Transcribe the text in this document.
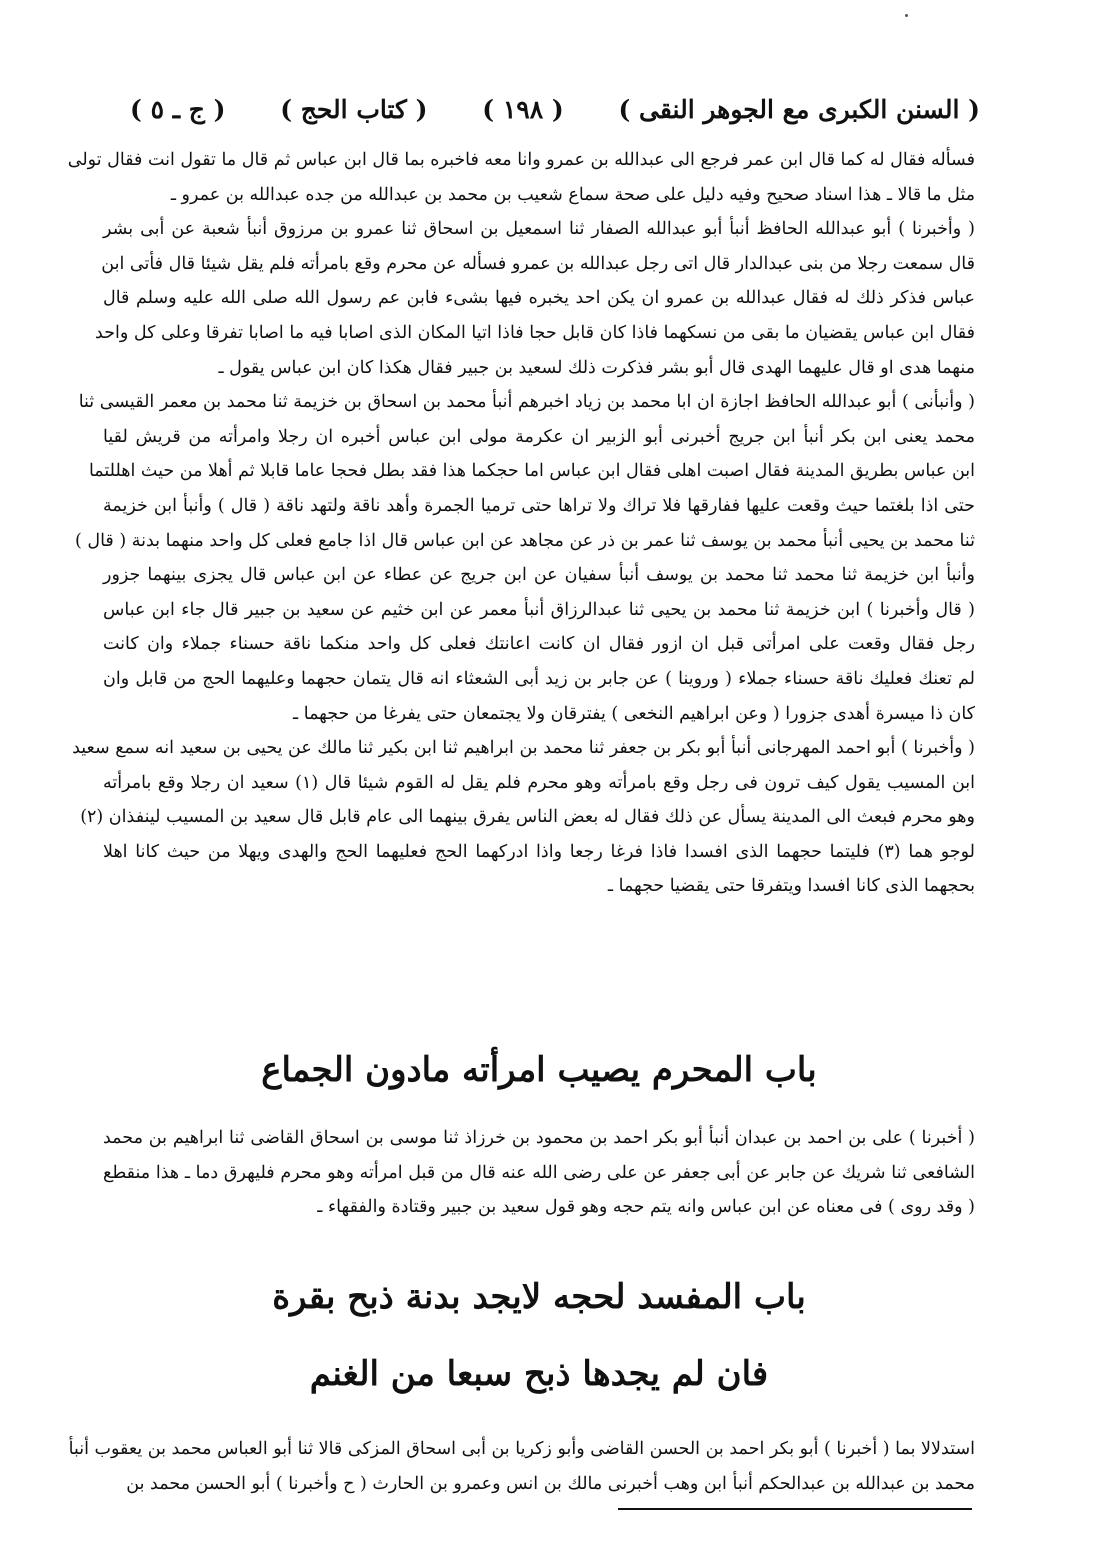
( السنن الكبرى مع الجوهر النقى )
( ١٩٨ )
( كتاب الحج )
( ج ـ ٥ )
فسأله فقال له كما قال ابن عمر فرجع الى عبدالله بن عمرو وانا معه فاخبره بما قال ابن عباس ثم قال ما تقول انت فقال تولى
مثل ما قالا ـ هذا اسناد صحيح وفيه دليل على صحة سماع شعيب بن محمد بن عبدالله من جده عبدالله بن عمرو ـ
( وأخبرنا ) أبو عبدالله الحافظ أنبأ أبو عبدالله الصفار ثنا اسمعيل بن اسحاق ثنا عمرو بن مرزوق أنبأ شعبة عن أبى بشر
قال سمعت رجلا من بنى عبدالدار قال اتى رجل عبدالله بن عمرو فسأله عن محرم وقع بامرأته فلم يقل شيئا قال فأتى ابن
عباس فذكر ذلك له فقال عبدالله بن عمرو ان يكن احد يخبره فيها بشىء فابن عم رسول الله صلى الله عليه وسلم قال
فقال ابن عباس يقضيان ما بقى من نسكهما فاذا كان قابل حجا فاذا اتيا المكان الذى اصابا فيه ما اصابا تفرقا وعلى كل واحد
منهما هدى او قال عليهما الهدى قال أبو بشر فذكرت ذلك لسعيد بن جبير فقال هكذا كان ابن عباس يقول ـ
( وأنبأنى ) أبو عبدالله الحافظ اجازة ان ابا محمد بن زياد اخبرهم أنبأ محمد بن اسحاق بن خزيمة ثنا محمد بن معمر القيسى ثنا
محمد يعنى ابن بكر أنبأ ابن جريج أخبرنى أبو الزبير ان عكرمة مولى ابن عباس أخبره ان رجلا وامرأته من قريش لقيا
ابن عباس بطريق المدينة فقال اصبت اهلى فقال ابن عباس اما حجكما هذا فقد بطل فحجا عاما قابلا ثم أهلا من حيث اهللتما
حتى اذا بلغتما حيث وقعت عليها ففارقها فلا تراك ولا تراها حتى ترميا الجمرة وأهد ناقة ولتهد ناقة ( قال ) وأنبأ ابن خزيمة
ثنا محمد بن يحيى أنبأ محمد بن يوسف ثنا عمر بن ذر عن مجاهد عن ابن عباس قال اذا جامع فعلى كل واحد منهما بدنة ( قال )
وأنبأ ابن خزيمة ثنا محمد ثنا محمد بن يوسف أنبأ سفيان عن ابن جريج عن عطاء عن ابن عباس قال يجزى بينهما جزور
( قال وأخبرنا ) ابن خزيمة ثنا محمد بن يحيى ثنا عبدالرزاق أنبأ معمر عن ابن خثيم عن سعيد بن جبير قال جاء ابن عباس
رجل فقال وقعت على امرأتى قبل ان ازور فقال ان كانت اعانتك فعلى كل واحد منكما ناقة حسناء جملاء وان كانت
لم تعنك فعليك ناقة حسناء جملاء ( وروينا ) عن جابر بن زيد أبى الشعثاء انه قال يتمان حجهما وعليهما الحج من قابل وان
كان ذا ميسرة أهدى جزورا ( وعن ابراهيم النخعى ) يفترقان ولا يجتمعان حتى يفرغا من حجهما ـ
( وأخبرنا ) أبو احمد المهرجانى أنبأ أبو بكر بن جعفر ثنا محمد بن ابراهيم ثنا ابن بكير ثنا مالك عن يحيى بن سعيد انه سمع سعيد
ابن المسيب يقول كيف ترون فى رجل وقع بامرأته وهو محرم فلم يقل له القوم شيئا قال (١) سعيد ان رجلا وقع بامرأته
وهو محرم فبعث الى المدينة يسأل عن ذلك فقال له بعض الناس يفرق بينهما الى عام قابل قال سعيد بن المسيب لينفذان (٢)
لوجو هما (٣) فليتما حجهما الذى افسدا فاذا فرغا رجعا واذا ادركهما الحج فعليهما الحج والهدى ويهلا من حيث كانا اهلا
بحجهما الذى كانا افسدا ويتفرقا حتى يقضيا حجهما ـ
باب المحرم يصيب امرأته مادون الجماع
( أخبرنا ) على بن احمد بن عبدان أنبأ أبو بكر احمد بن محمود بن خرزاذ ثنا موسى بن اسحاق القاضى ثنا ابراهيم بن محمد
الشافعى ثنا شريك عن جابر عن أبى جعفر عن على رضى الله عنه قال من قبل امرأته وهو محرم فليهرق دما ـ هذا منقطع
( وقد روى ) فى معناه عن ابن عباس وانه يتم حجه وهو قول سعيد بن جبير وقتادة والفقهاء ـ
باب المفسد لحجه لايجد بدنة ذبح بقرة
فان لم يجدها ذبح سبعا من الغنم
استدلالا بما ( أخبرنا ) أبو بكر احمد بن الحسن القاضى وأبو زكريا بن أبى اسحاق المزكى قالا ثنا أبو العباس محمد بن يعقوب أنبأ
محمد بن عبدالله بن عبدالحكم أنبأ ابن وهب أخبرنى مالك بن انس وعمرو بن الحارث ( ح وأخبرنا ) أبو الحسن محمد بن
